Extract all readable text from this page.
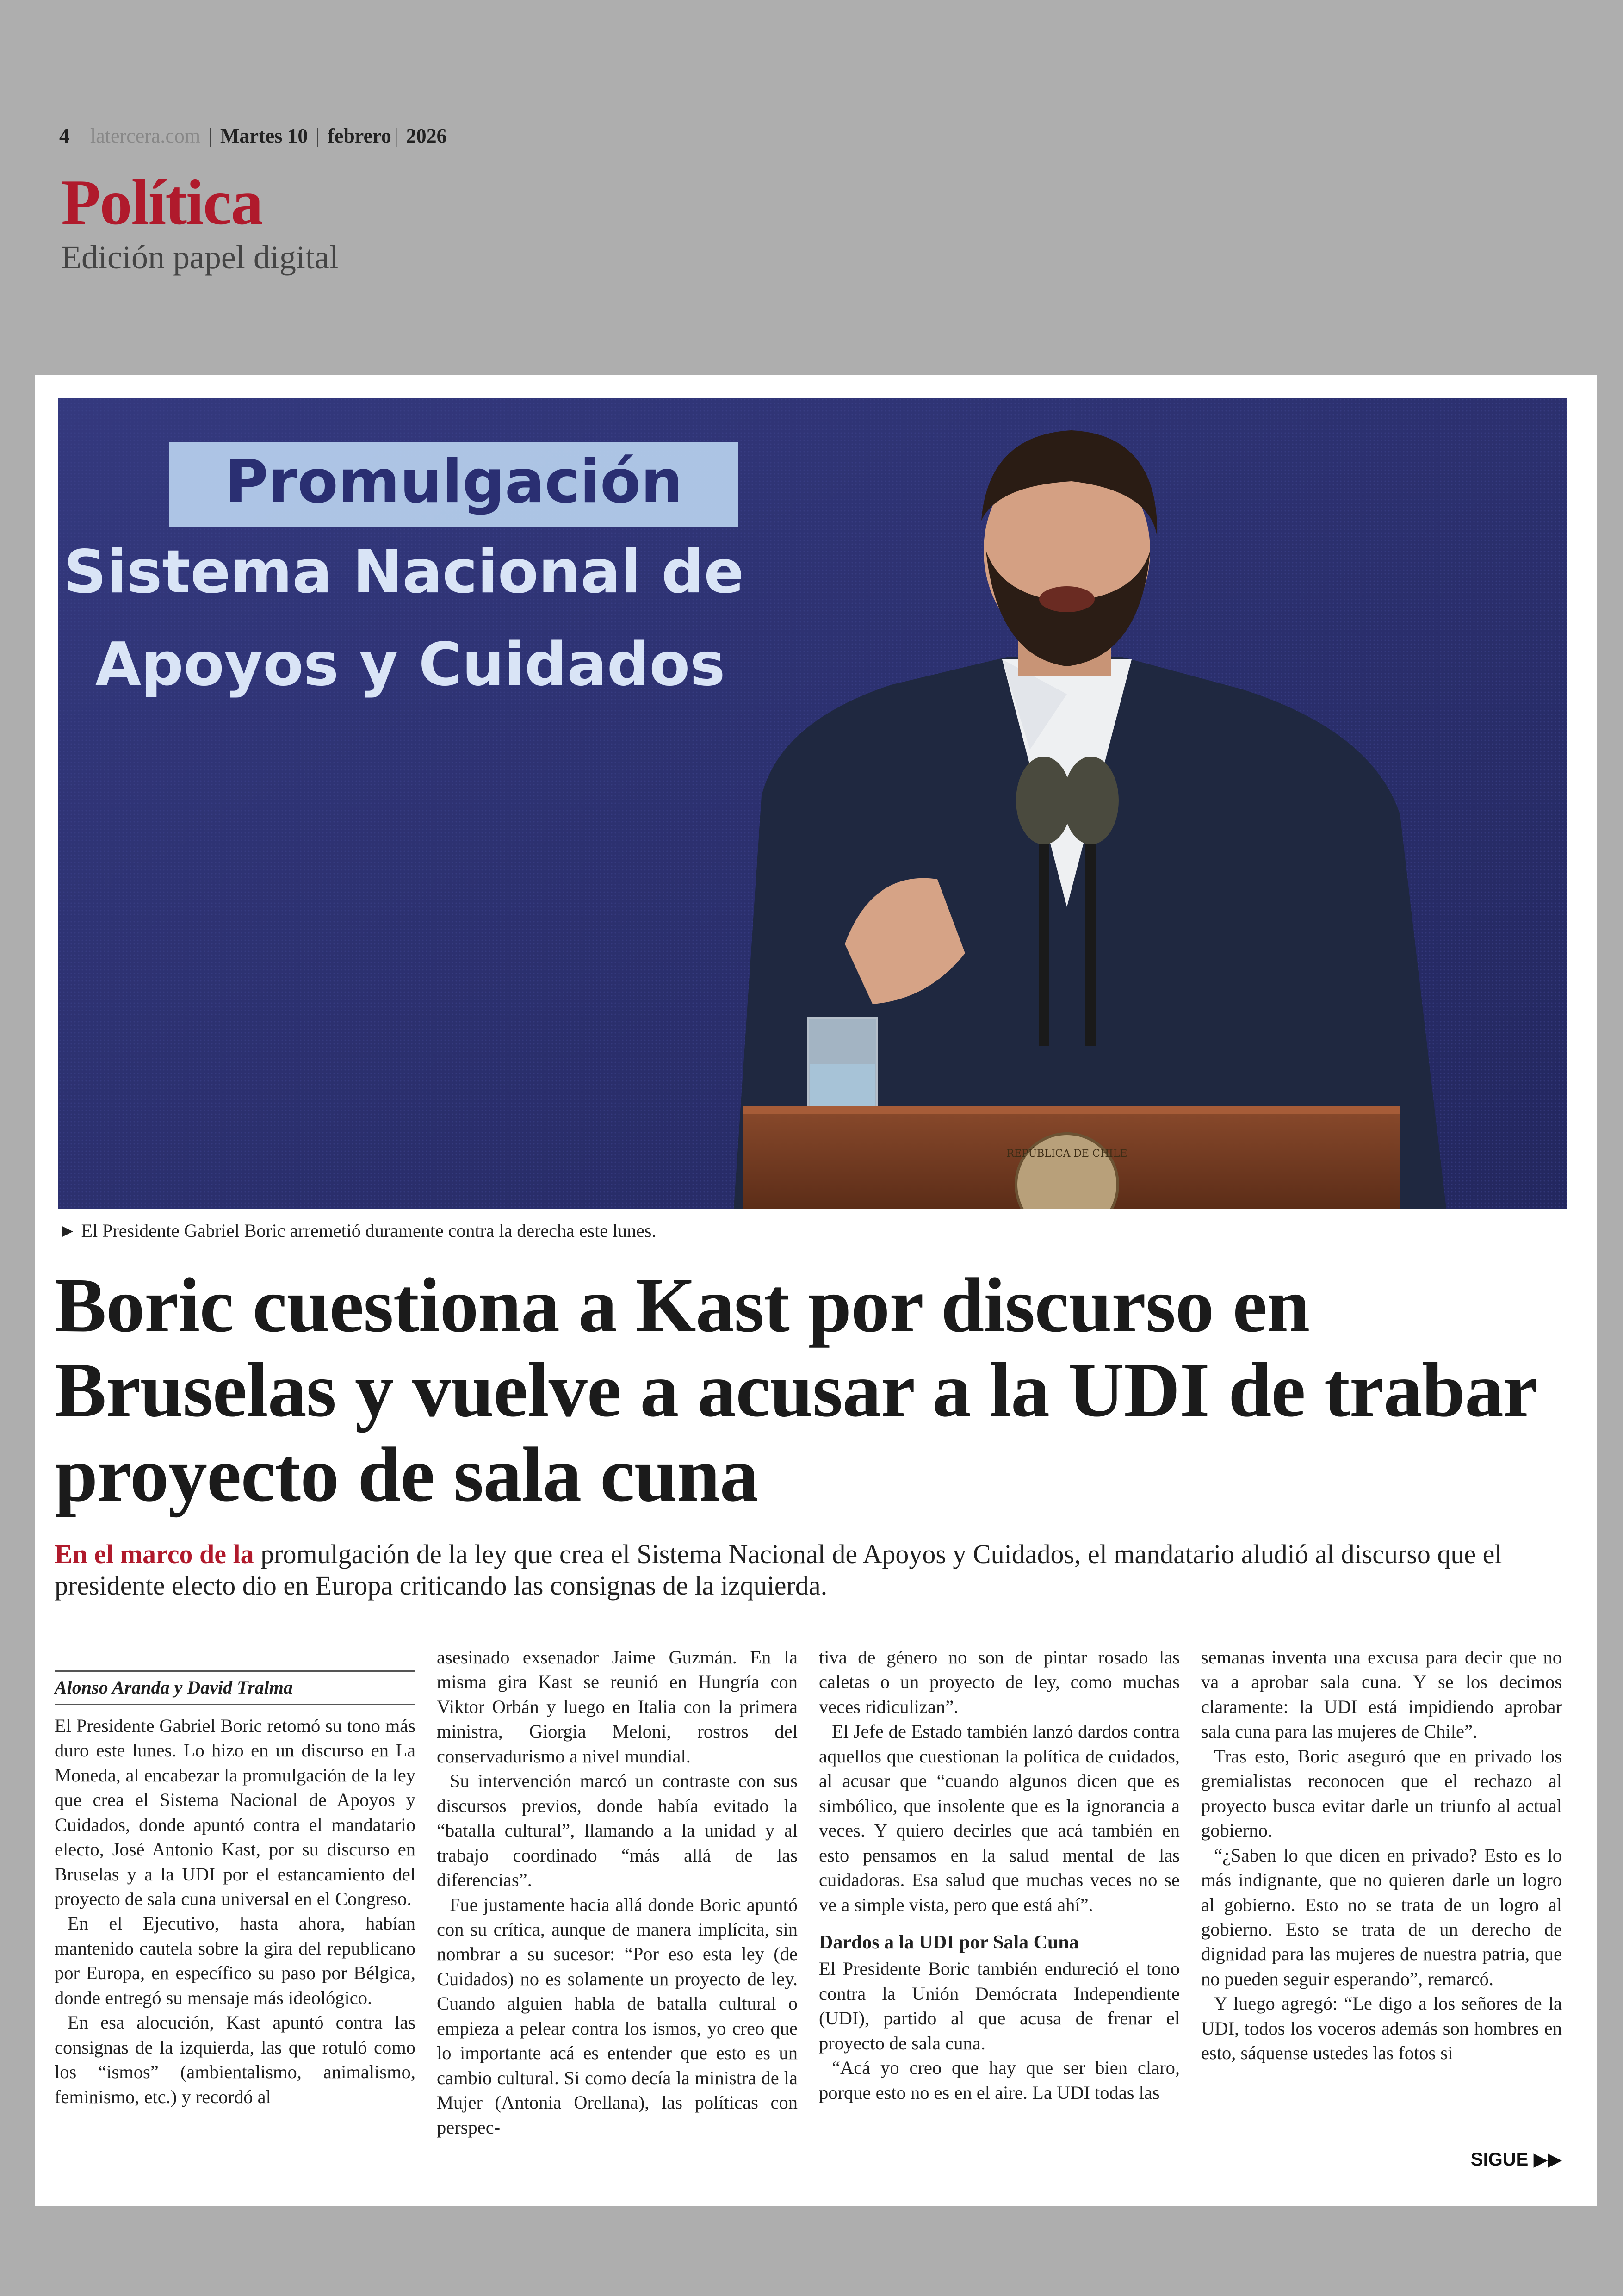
4 latercera.com | Martes 10 | febrero | 2026
Política
Edición papel digital
Promulgación
Sistema Nacional de
Apoyos y Cuidados
REPÚBLICA DE CHILE
► El Presidente Gabriel Boric arremetió duramente contra la derecha este lunes.
Boric cuestiona a Kast por discurso en Bruselas y vuelve a acusar a la UDI de trabar proyecto de sala cuna

En el marco de la promulgación de la ley que crea el Sistema Nacional de Apoyos y Cuidados, el mandatario aludió al discurso que el presidente electo dio en Europa criticando las consignas de la izquierda.

Alonso Aranda y David Tralma

El Presidente Gabriel Boric retomó su tono más duro este lunes. Lo hizo en un discurso en La Moneda, al encabezar la promulgación de la ley que crea el Sistema Nacional de Apoyos y Cuidados, donde apuntó contra el mandatario electo, José Antonio Kast, por su discurso en Bruselas y a la UDI por el estancamiento del proyecto de sala cuna universal en el Congreso.

En el Ejecutivo, hasta ahora, habían mantenido cautela sobre la gira del republicano por Europa, en específico su paso por Bélgica, donde entregó su mensaje más ideológico.

En esa alocución, Kast apuntó contra las consignas de la izquierda, las que rotuló como los “ismos” (ambientalismo, animalismo, feminismo, etc.) y recordó al

asesinado exsenador Jaime Guzmán. En la misma gira Kast se reunió en Hungría con Viktor Orbán y luego en Italia con la primera ministra, Giorgia Meloni, rostros del conservadurismo a nivel mundial.

Su intervención marcó un contraste con sus discursos previos, donde había evitado la “batalla cultural”, llamando a la unidad y al trabajo coordinado “más allá de las diferencias”.

Fue justamente hacia allá donde Boric apuntó con su crítica, aunque de manera implícita, sin nombrar a su sucesor: “Por eso esta ley (de Cuidados) no es solamente un proyecto de ley. Cuando alguien habla de batalla cultural o empieza a pelear contra los ismos, yo creo que lo importante acá es entender que esto es un cambio cultural. Si como decía la ministra de la Mujer (Antonia Orellana), las políticas con perspec-

tiva de género no son de pintar rosado las caletas o un proyecto de ley, como muchas veces ridiculizan”.

El Jefe de Estado también lanzó dardos contra aquellos que cuestionan la política de cuidados, al acusar que “cuando algunos dicen que es simbólico, que insolente que es la ignorancia a veces. Y quiero decirles que acá también en esto pensamos en la salud mental de las cuidadoras. Esa salud que muchas veces no se ve a simple vista, pero que está ahí”.

Dardos a la UDI por Sala Cuna

El Presidente Boric también endureció el tono contra la Unión Demócrata Independiente (UDI), partido al que acusa de frenar el proyecto de sala cuna.

“Acá yo creo que hay que ser bien claro, porque esto no es en el aire. La UDI todas las

semanas inventa una excusa para decir que no va a aprobar sala cuna. Y se los decimos claramente: la UDI está impidiendo aprobar sala cuna para las mujeres de Chile”.

Tras esto, Boric aseguró que en privado los gremialistas reconocen que el rechazo al proyecto busca evitar darle un triunfo al actual gobierno.

“¿Saben lo que dicen en privado? Esto es lo más indignante, que no quieren darle un logro al gobierno. Esto no se trata de un logro al gobierno. Esto se trata de un derecho de dignidad para las mujeres de nuestra patria, que no pueden seguir esperando”, remarcó.

Y luego agregó: “Le digo a los señores de la UDI, todos los voceros además son hombres en esto, sáquense ustedes las fotos si

SIGUE ▶▶
